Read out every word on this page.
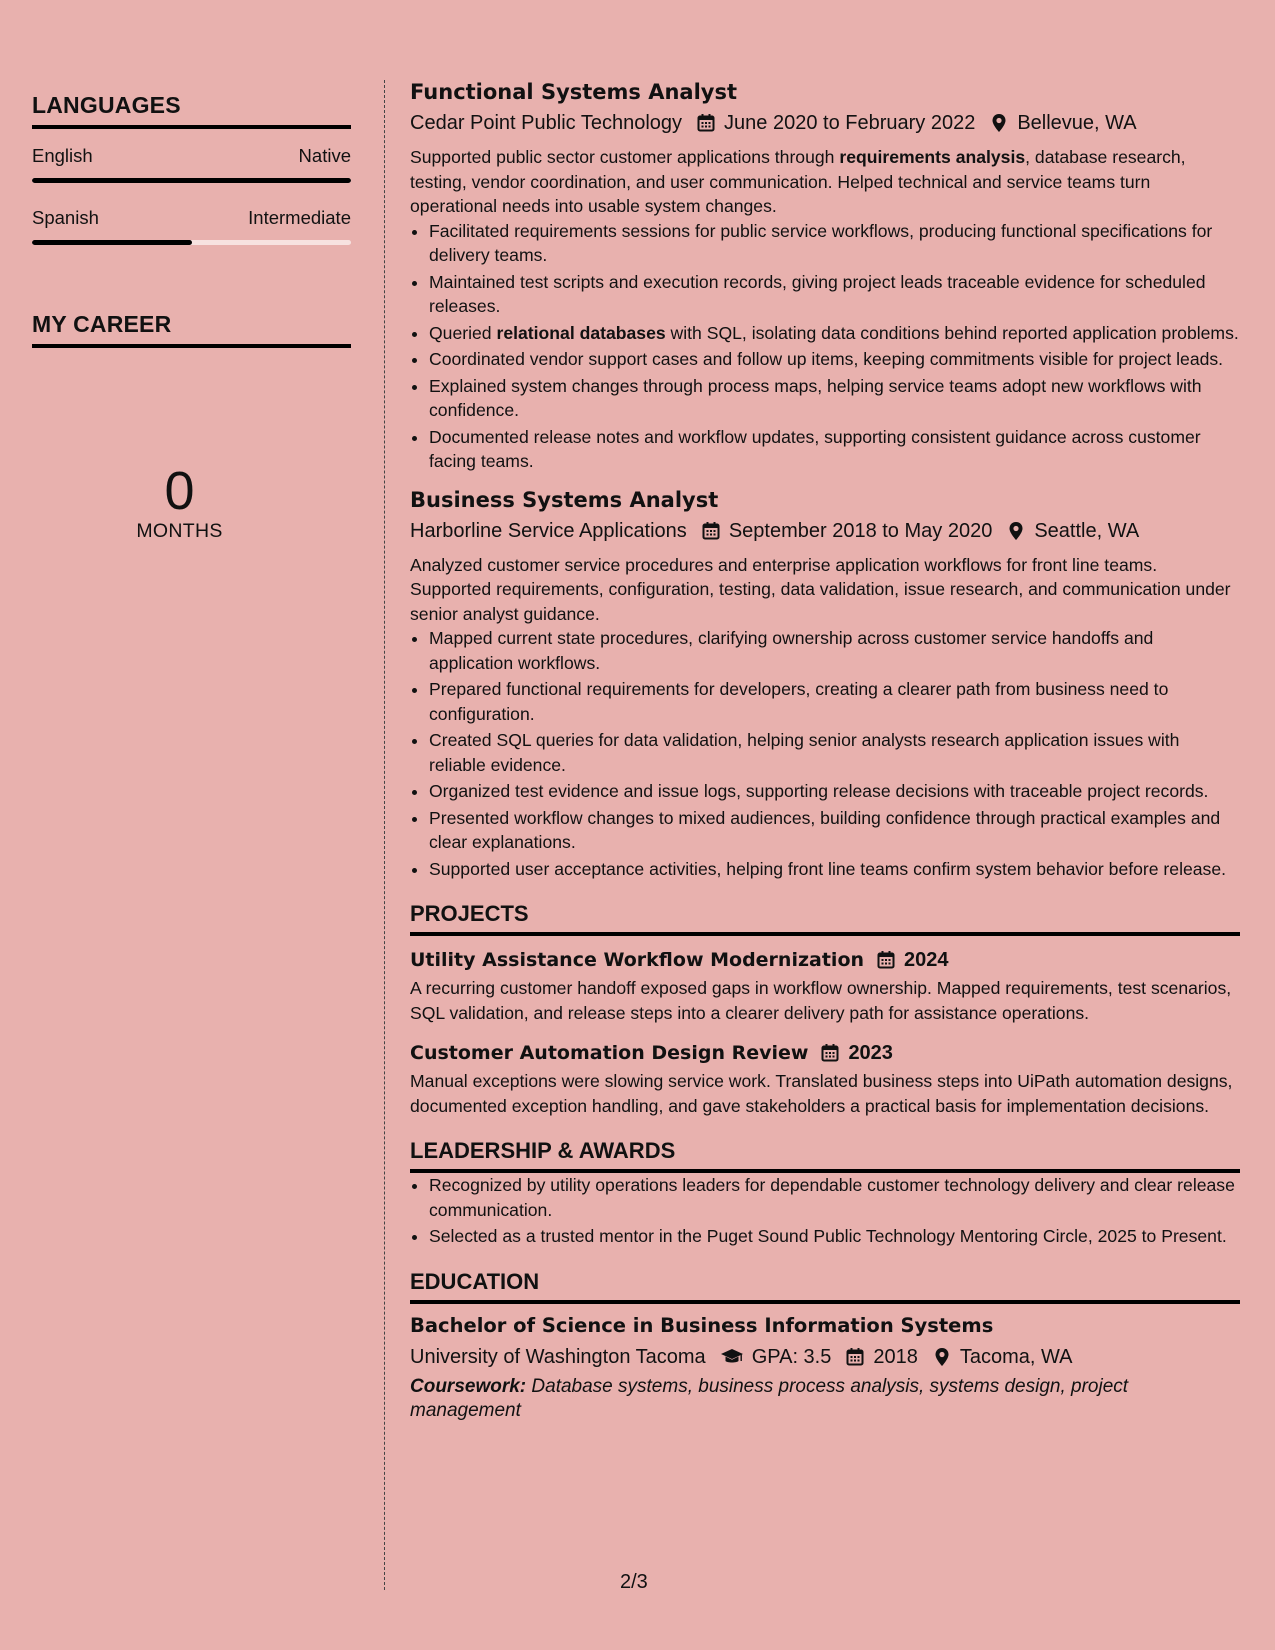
LANGUAGES
English	Native
Spanish	Intermediate
MY CAREER
0
MONTHS
Functional Systems Analyst
Cedar Point Public Technology June 2020 to February 2022 Bellevue, WA
Supported public sector customer applications through requirements analysis, database research, testing, vendor coordination, and user communication. Helped technical and service teams turn operational needs into usable system changes.
• Facilitated requirements sessions for public service workflows, producing functional specifications for delivery teams.
• Maintained test scripts and execution records, giving project leads traceable evidence for scheduled releases.
• Queried relational databases with SQL, isolating data conditions behind reported application problems.
• Coordinated vendor support cases and follow up items, keeping commitments visible for project leads.
• Explained system changes through process maps, helping service teams adopt new workflows with confidence.
• Documented release notes and workflow updates, supporting consistent guidance across customer facing teams.
Business Systems Analyst
Harborline Service Applications September 2018 to May 2020 Seattle, WA
Analyzed customer service procedures and enterprise application workflows for front line teams. Supported requirements, configuration, testing, data validation, issue research, and communication under senior analyst guidance.
• Mapped current state procedures, clarifying ownership across customer service handoffs and application workflows.
• Prepared functional requirements for developers, creating a clearer path from business need to configuration.
• Created SQL queries for data validation, helping senior analysts research application issues with reliable evidence.
• Organized test evidence and issue logs, supporting release decisions with traceable project records.
• Presented workflow changes to mixed audiences, building confidence through practical examples and clear explanations.
• Supported user acceptance activities, helping front line teams confirm system behavior before release.
PROJECTS
Utility Assistance Workflow Modernization 2024
A recurring customer handoff exposed gaps in workflow ownership. Mapped requirements, test scenarios, SQL validation, and release steps into a clearer delivery path for assistance operations.
Customer Automation Design Review 2023
Manual exceptions were slowing service work. Translated business steps into UiPath automation designs, documented exception handling, and gave stakeholders a practical basis for implementation decisions.
LEADERSHIP & AWARDS
• Recognized by utility operations leaders for dependable customer technology delivery and clear release communication.
• Selected as a trusted mentor in the Puget Sound Public Technology Mentoring Circle, 2025 to Present.
EDUCATION
Bachelor of Science in Business Information Systems
University of Washington Tacoma GPA: 3.5 2018 Tacoma, WA
Coursework: Database systems, business process analysis, systems design, project management
2/3
